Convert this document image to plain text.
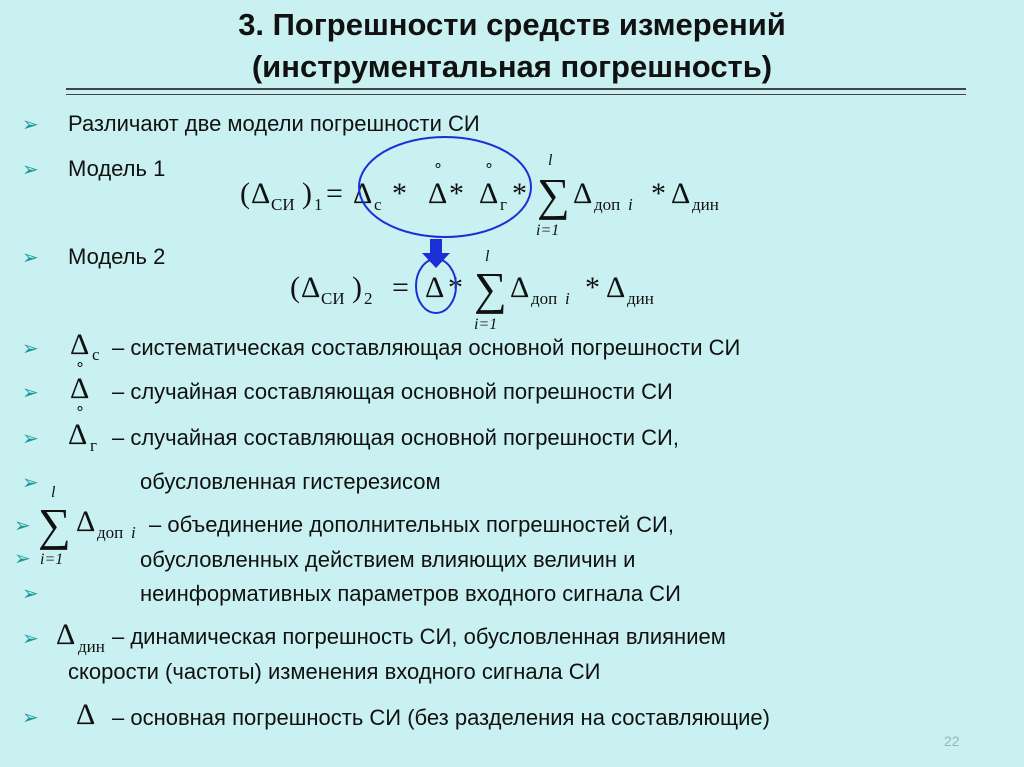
3. Погрешности средств измерений
(инструментальная погрешность)
➢
➢
➢
➢
➢
➢
➢
➢
➢
➢
➢
➢
Различают две модели погрешности СИ
Модель 1
Модель 2
( Δ СИ ) 1 = Δ с *
∘
Δ *
∘
Δ г *
l
∑
i=1
Δ доп i * Δ дин
( Δ СИ ) 2 = Δ *
l
∑
i=1
Δ доп i * Δ дин
Δ с
∘
– систематическая составляющая основной погрешности СИ
Δ
∘
– случайная составляющая основной погрешности СИ
Δ г – случайная составляющая основной погрешности СИ,
обусловленная гистерезисом
l
∑
i=1
Δ доп i – объединение дополнительных погрешностей СИ,
обусловленных действием влияющих величин и
неинформативных параметров входного сигнала СИ
Δ дин – динамическая погрешность СИ, обусловленная влиянием
скорости (частоты) изменения входного сигнала СИ
Δ – основная погрешность СИ (без разделения на составляющие)
22
